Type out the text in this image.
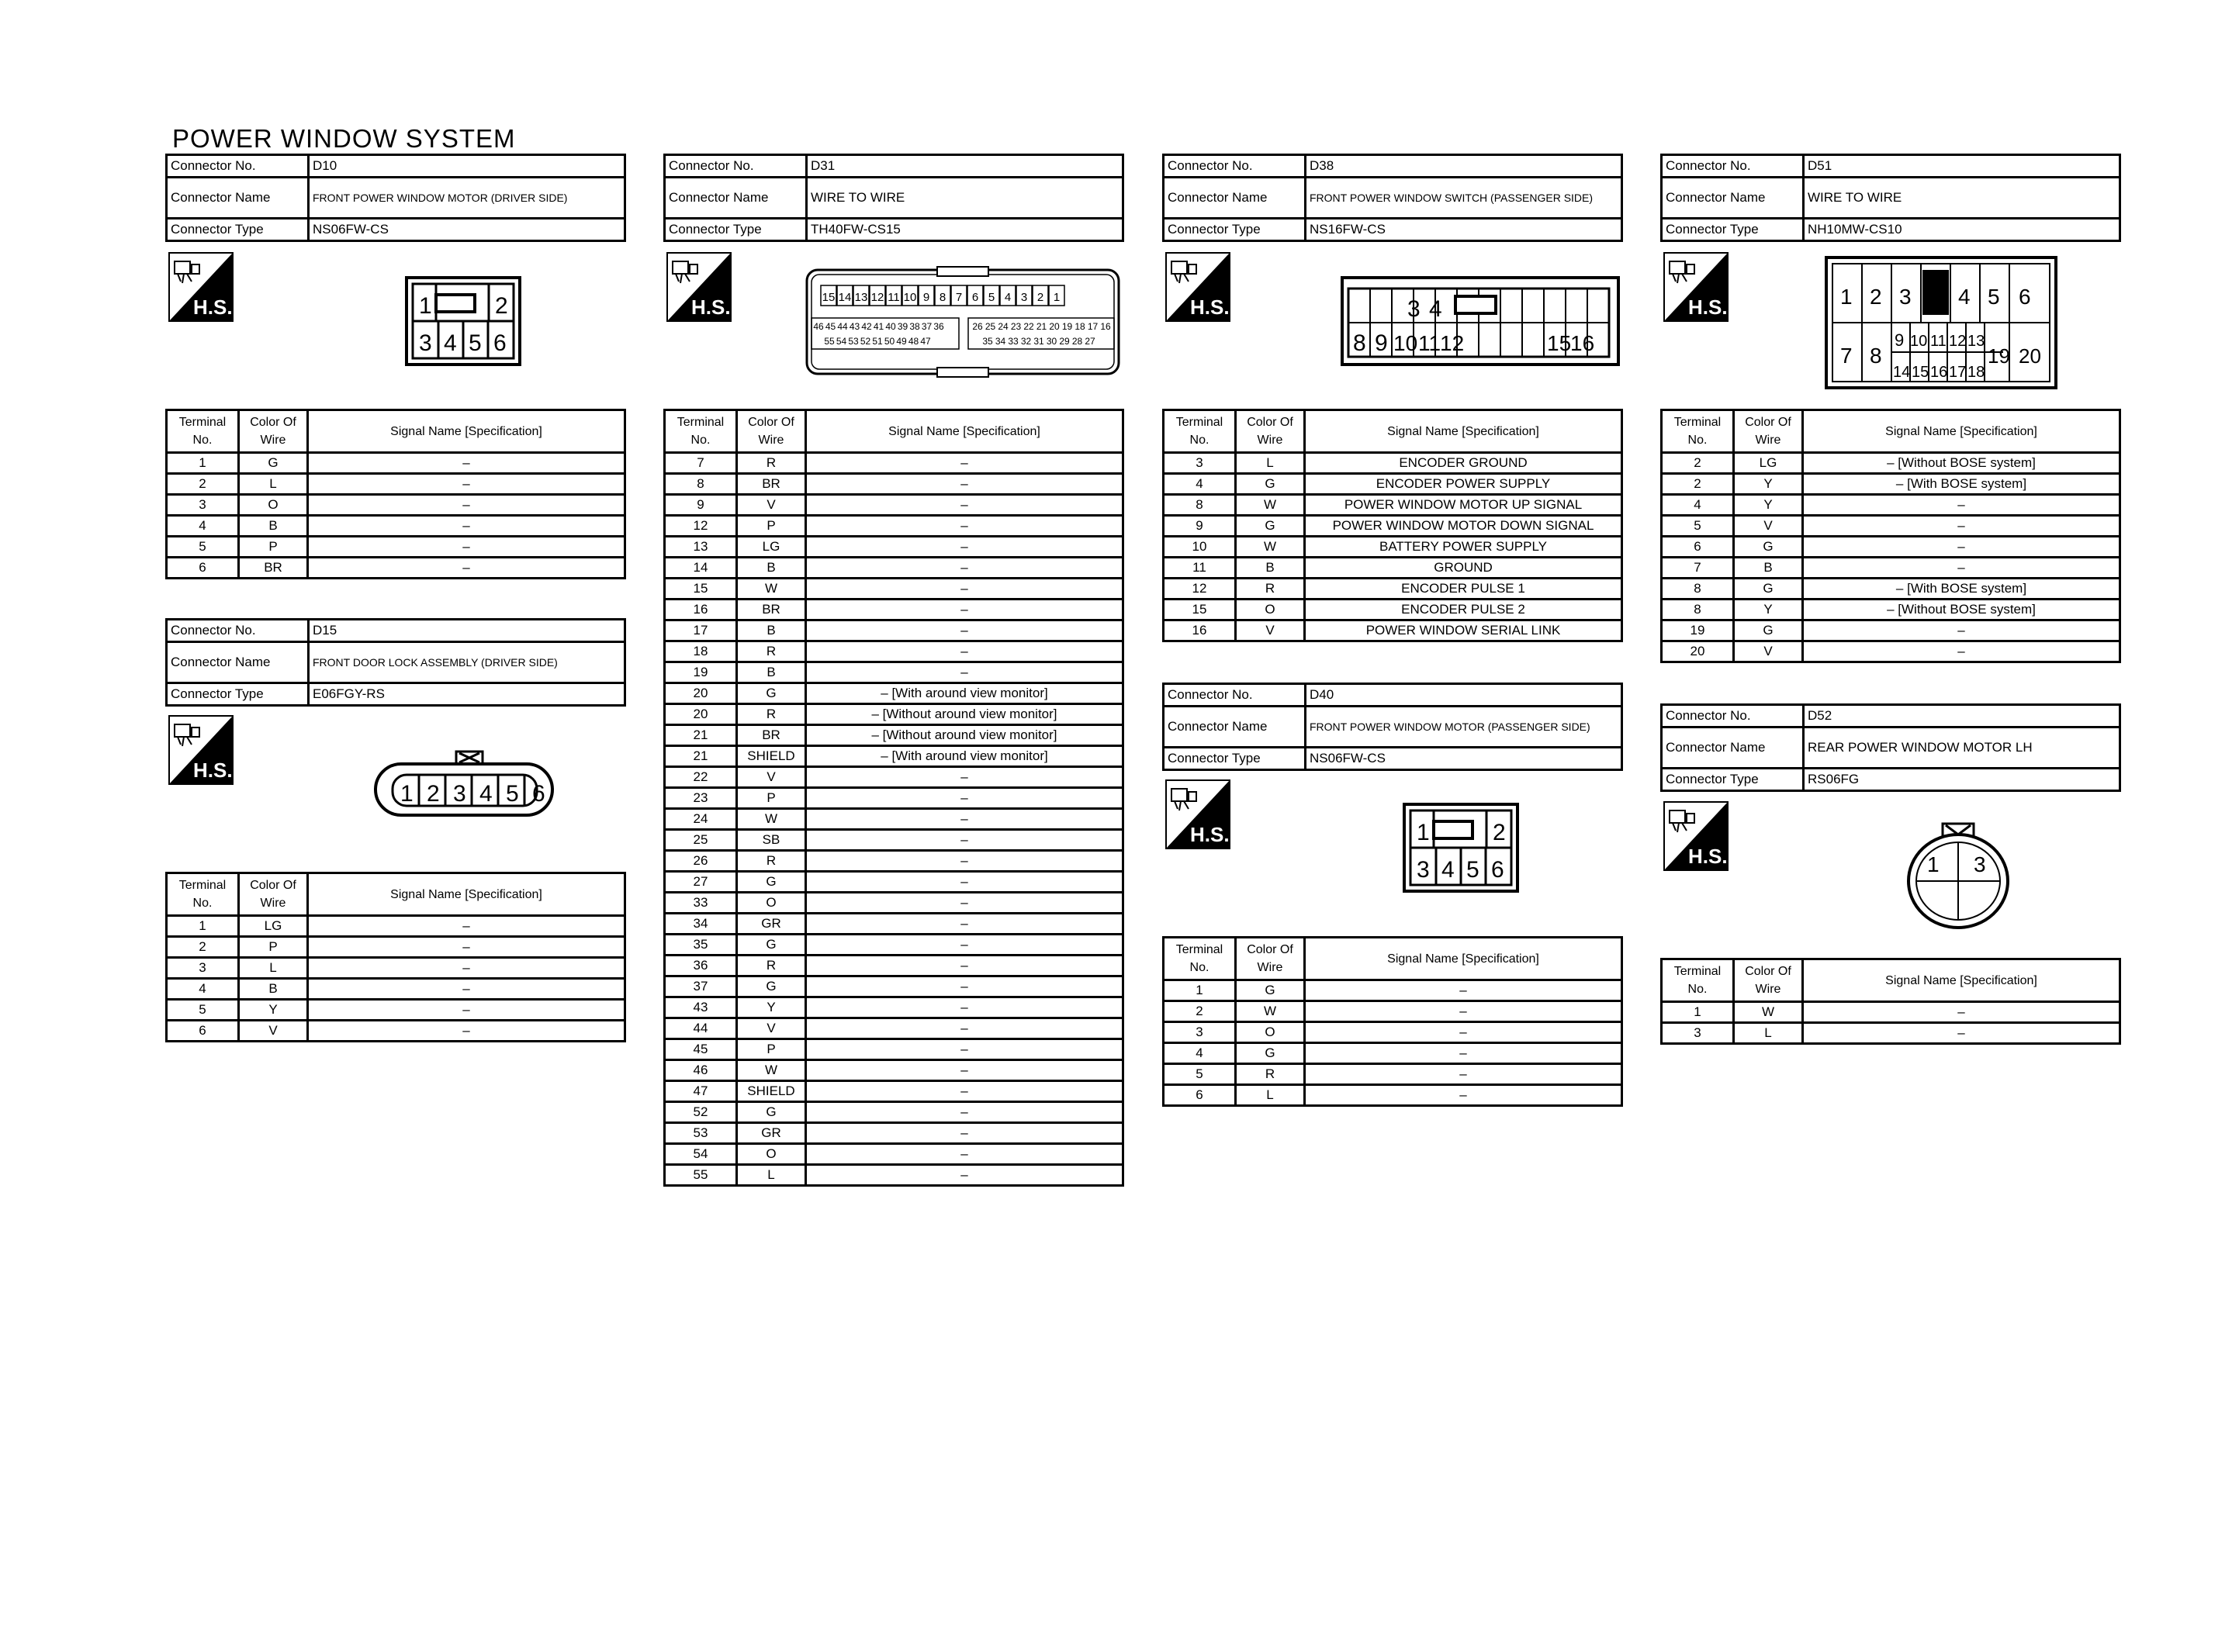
POWER WINDOW SYSTEM
Connector No.	D10
Connector Name	FRONT POWER WINDOW MOTOR (DRIVER SIDE)
Connector Type	NS06FW-CS
H.S.	1	2
3 4 5 6
Terminal No.	Color Of Wire	Signal Name [Specification]
1	G	–
2	L	–
3	O	–
4	B	–
5	P	–
6	BR	–
Connector No.	D15
Connector Name	FRONT DOOR LOCK ASSEMBLY (DRIVER SIDE)
Connector Type	E06FGY-RS
H.S.
1 2 3 4 5 6
Terminal No.	Color Of Wire	Signal Name [Specification]
1	LG	–
2	P	–
3	L	–
4	B	–
5	Y	–
6	V	–
Connector No.	D31
Connector Name	WIRE TO WIRE
Connector Type	TH40FW-CS15
H.S.	15 14 13 12 11 10 9 8 7 6 5 4 3 2 1
46 45 44 43 42 41 40 39 38 37 36	26 25 24 23 22 21 20 19 18 17 16
55 54 53 52 51 50 49 48 47	35 34 33 32 31 30 29 28 27
Terminal No.	Color Of Wire	Signal Name [Specification]
7	R	–
8	BR	–
9	V	–
12	P	–
13	LG	–
14	B	–
15	W	–
16	BR	–
17	B	–
18	R	–
19	B	–
20	G	– [With around view monitor]
20	R	– [Without around view monitor]
21	BR	– [Without around view monitor]
21	SHIELD	– [With around view monitor]
22	V	–
23	P	–
24	W	–
25	SB	–
26	R	–
27	G	–
33	O	–
34	GR	–
35	G	–
36	R	–
37	G	–
43	Y	–
44	V	–
45	P	–
46	W	–
47	SHIELD	–
52	G	–
53	GR	–
54	O	–
55	L	–
Connector No.	D38
Connector Name	FRONT POWER WINDOW SWITCH (PASSENGER SIDE)
Connector Type	NS16FW-CS
H.S.	3 4
8 9 10 11
12	15
16
Terminal No.	Color Of Wire	Signal Name [Specification]
3	L	ENCODER GROUND
4	G	ENCODER POWER SUPPLY
8	W	POWER WINDOW MOTOR UP SIGNAL
9	G	POWER WINDOW MOTOR DOWN SIGNAL
10	W	BATTERY POWER SUPPLY
11	B	GROUND
12	R	ENCODER PULSE 1
15	O	ENCODER PULSE 2
16	V	POWER WINDOW SERIAL LINK
Connector No.	D40
Connector Name	FRONT POWER WINDOW MOTOR (PASSENGER SIDE)
Connector Type	NS06FW-CS
H.S.	1	2
3 4 5 6
Terminal No.	Color Of Wire	Signal Name [Specification]
1	G	–
2	W	–
3	O	–
4	G	–
5	R	–
6	L	–
Connector No.	D51
Connector Name	WIRE TO WIRE
Connector Type	NH10MW-CS10
H.S.	1 2 3 4 5 6
7 8
9 10 11 12 13
14 15 16 17 18
19 20
Terminal No.	Color Of Wire	Signal Name [Specification]
2	LG	– [Without BOSE system]
2	Y	– [With BOSE system]
4	Y	–
5	V	–
6	G	–
7	B	–
8	G	– [With BOSE system]
8	Y	– [Without BOSE system]
19	G	–
20	V	–
Connector No.	D52
Connector Name	REAR POWER WINDOW MOTOR LH
Connector Type	RS06FG
H.S.	1 3
Terminal No.	Color Of Wire	Signal Name [Specification]
1	W	–
3	L	–
